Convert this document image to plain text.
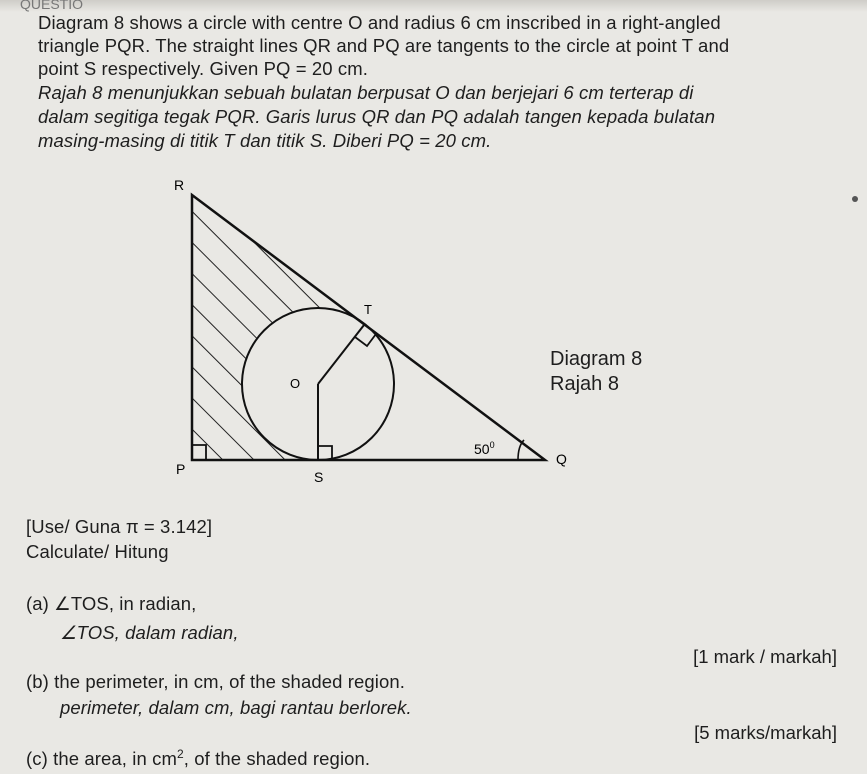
QUESTIO
Diagram 8 shows a circle with centre O and radius 6 cm inscribed in a right-angled
triangle PQR. The straight lines QR and PQ are tangents to the circle at point T and
point S respectively. Given PQ = 20 cm.
Rajah 8 menunjukkan sebuah bulatan berpusat O dan berjejari 6 cm terterap di
dalam segitiga tegak PQR. Garis lurus QR dan PQ adalah tangen kepada bulatan
masing-masing di titik T dan titik S. Diberi PQ = 20 cm.
R
T
O
P	S
Q
$50^0$
Diagram 8
Rajah 8
[Use/ Guna π = 3.142]
Calculate/ Hitung
(a) ∠TOS, in radian,
∠TOS, dalam radian,
[1 mark / markah]
(b) the perimeter, in cm, of the shaded region.
perimeter, dalam cm, bagi rantau berlorek.
[5 marks/markah]
(c) the area, in $cm^2$, of the shaded region.
